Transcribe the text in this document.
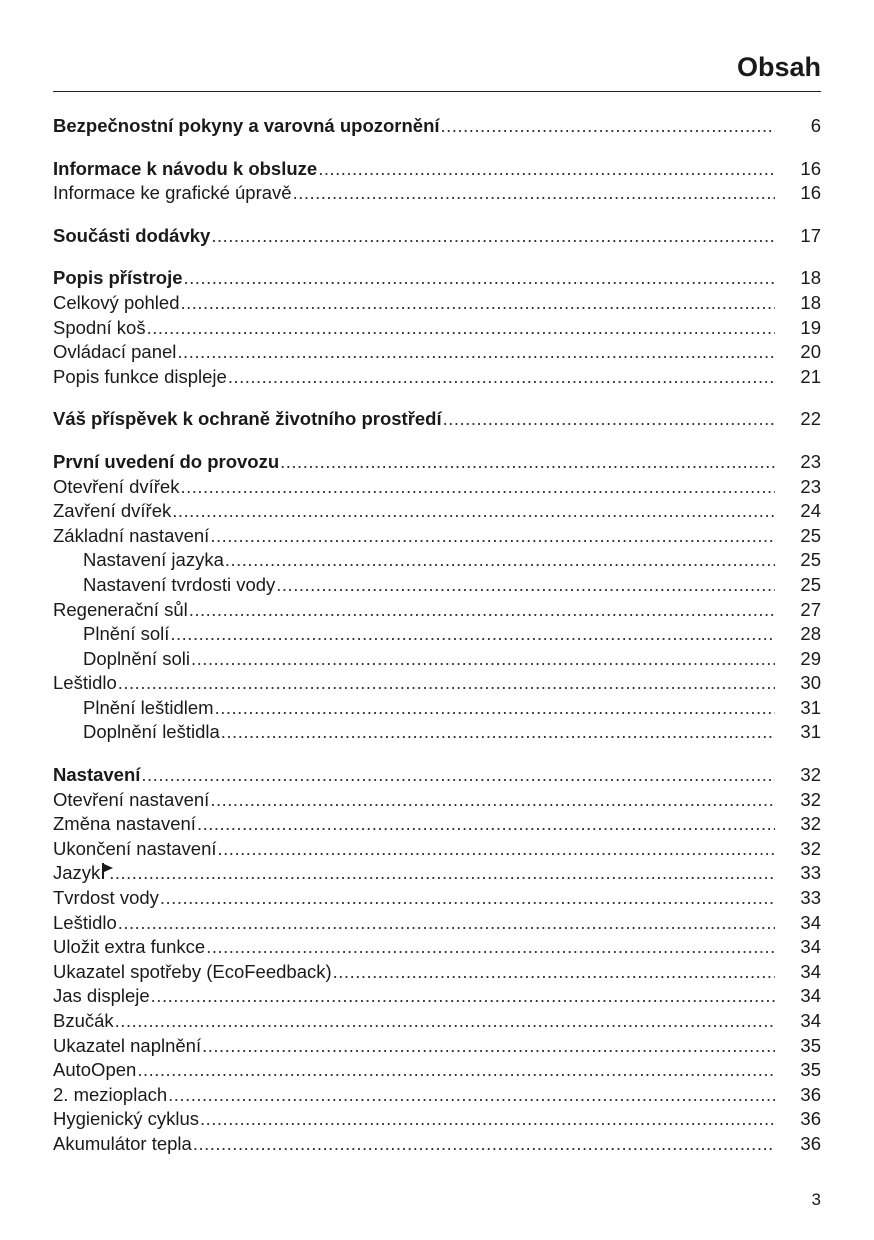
Obsah
Bezpečnostní pokyny a varovná upozornění .....	6
Informace k návodu k obsluze .....	16
Informace ke grafické úpravě .....	16
Součásti dodávky .....	17
Popis přístroje .....	18
Celkový pohled .....	18
Spodní koš .....	19
Ovládací panel .....	20
Popis funkce displeje .....	21
Váš příspěvek k ochraně životního prostředí .....	22
První uvedení do provozu .....	23
Otevření dvířek .....	23
Zavření dvířek .....	24
Základní nastavení .....	25
Nastavení jazyka .....	25
Nastavení tvrdosti vody .....	25
Regenerační sůl .....	27
Plnění solí .....	28
Doplnění soli .....	29
Leštidlo .....	30
Plnění leštidlem .....	31
Doplnění leštidla .....	31
Nastavení .....	32
Otevření nastavení .....	32
Změna nastavení .....	32
Ukončení nastavení .....	32
Jazyk .....	33
Tvrdost vody .....	33
Leštidlo .....	34
Uložit extra funkce .....	34
Ukazatel spotřeby (EcoFeedback) .....	34
Jas displeje .....	34
Bzučák .....	34
Ukazatel naplnění .....	35
AutoOpen .....	35
2. mezioplach .....	36
Hygienický cyklus .....	36
Akumulátor tepla .....	36
3
